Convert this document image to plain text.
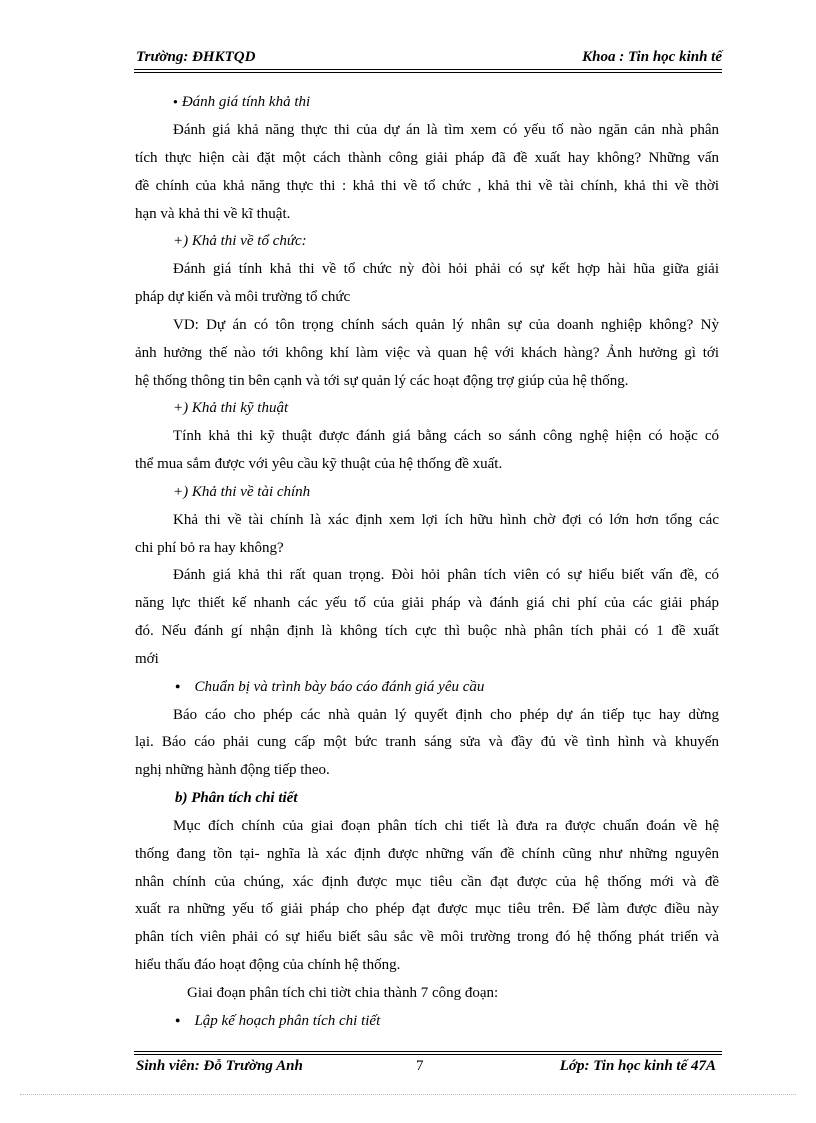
Trường: ĐHKTQD	Khoa : Tin học kinh tế
● Đánh giá tính khả thi
Đánh giá khả năng thực thi của dự án là tìm xem có yếu tố nào ngăn cản nhà phân
tích thực hiện cài đặt một cách thành công giải pháp đã đề xuất hay không? Những vấn
đề chính của khả năng thực thi : khả thi về tổ chức , khả thi về tài chính, khả thi về thời
hạn và khả thi về kĩ thuật.
+) Khả thi về tổ chức:
Đánh giá tính khả thi về tổ chức nỳ đòi hỏi phải có sự kết hợp hài hũa giữa giải
pháp dự kiến và môi trường tổ chức
VD: Dự án có tôn trọng chính sách quản lý nhân sự của doanh nghiệp không? Nỳ
ảnh hưởng thế nào tới không khí làm việc và quan hệ với khách hàng? Ảnh hưởng gì tới
hệ thống thông tin bên cạnh và tới sự quản lý các hoạt động trợ giúp của hệ thống.
+) Khả thi kỹ thuật
Tính khả thi kỹ thuật được đánh giá bằng cách so sánh công nghệ hiện có hoặc có
thể mua sắm được với yêu cầu kỹ thuật của hệ thống đề xuất.
+) Khả thi về tài chính
Khả thi về tài chính là xác định xem lợi ích hữu hình chờ đợi có lớn hơn tổng các
chi phí bỏ ra hay không?
Đánh giá khả thi rất quan trọng. Đòi hỏi phân tích viên có sự hiểu biết vấn đề, có
năng lực thiết kế nhanh các yếu tố của giải pháp và đánh giá chi phí của các giải pháp
đó. Nếu đánh gí nhận định là không tích cực thì buộc nhà phân tích phải có 1 đề xuất
mới
● Chuẩn bị và trình bày báo cáo đánh giá yêu cầu
Báo cáo cho phép các nhà quản lý quyết định cho phép dự án tiếp tục hay dừng
lại. Báo cáo phải cung cấp một bức tranh sáng sửa và đầy đủ về tình hình và khuyến
nghị những hành động tiếp theo.
b) Phân tích chi tiết
Mục đích chính của giai đoạn phân tích chi tiết là đưa ra được chuẩn đoán về hệ
thống đang tồn tại- nghĩa là xác định được những vấn đề chính cũng như những nguyên
nhân chính của chúng, xác định được mục tiêu cần đạt được của hệ thống mới và đề
xuất ra những yếu tố giải pháp cho phép đạt được mục tiêu trên. Để làm được điều này
phân tích viên phải có sự hiểu biết sâu sắc về môi trường trong đó hệ thống phát triển và
hiểu thấu đáo hoạt động của chính hệ thống.
Giai đoạn phân tích chi tiờt chia thành 7 công đoạn:
● Lập kế hoạch phân tích chi tiết
Sinh viên: Đỗ Trường Anh	7	Lớp: Tin học kinh tế 47A
